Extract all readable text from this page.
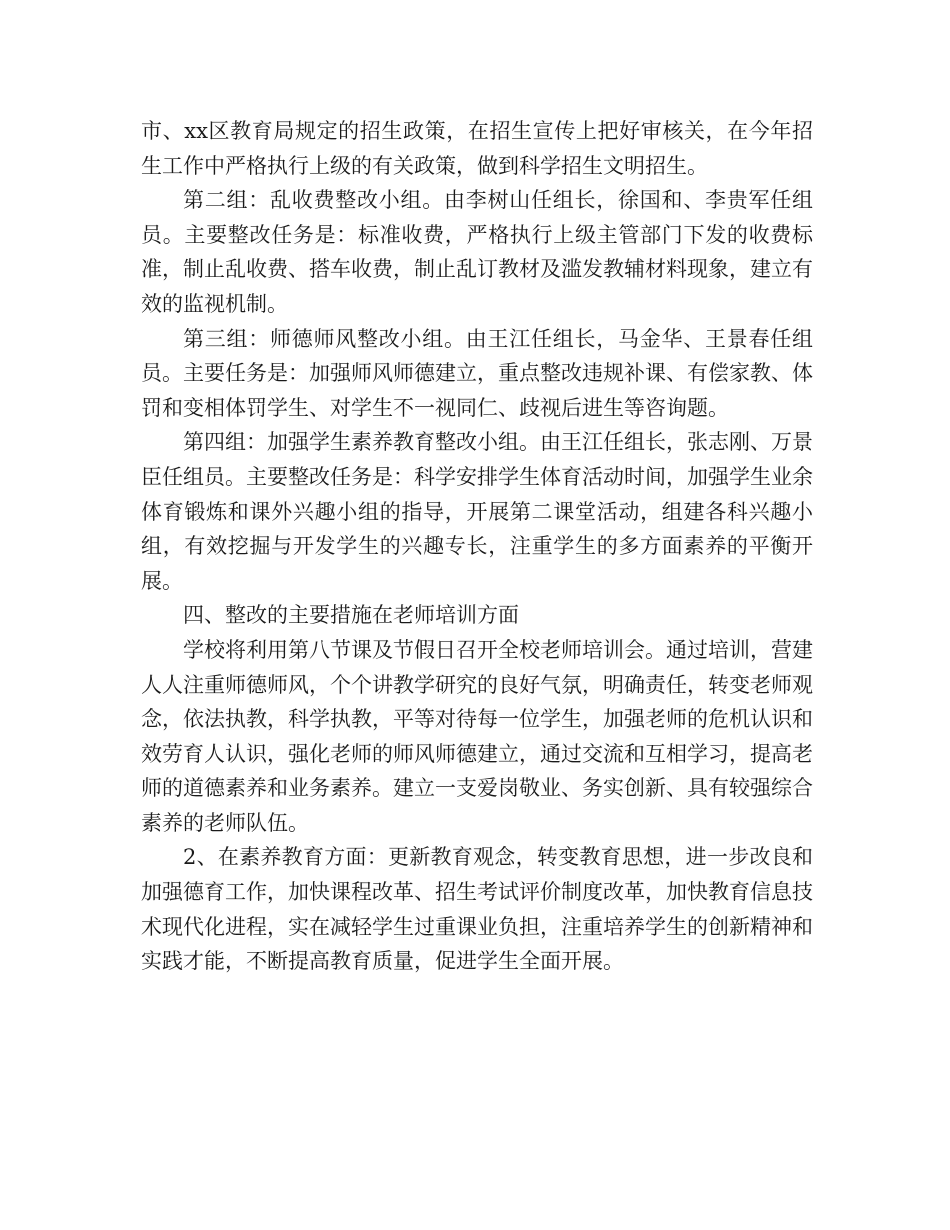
市、xx区教育局规定的招生政策，在招生宣传上把好审核关，在今年招生工作中严格执行上级的有关政策，做到科学招生文明招生。

第二组：乱收费整改小组。由李树山任组长，徐国和、李贵军任组员。主要整改任务是：标准收费，严格执行上级主管部门下发的收费标准，制止乱收费、搭车收费，制止乱订教材及滥发教辅材料现象，建立有效的监视机制。

第三组：师德师风整改小组。由王江任组长，马金华、王景春任组员。主要任务是：加强师风师德建立，重点整改违规补课、有偿家教、体罚和变相体罚学生、对学生不一视同仁、歧视后进生等咨询题。

第四组：加强学生素养教育整改小组。由王江任组长，张志刚、万景臣任组员。主要整改任务是：科学安排学生体育活动时间，加强学生业余体育锻炼和课外兴趣小组的指导，开展第二课堂活动，组建各科兴趣小组，有效挖掘与开发学生的兴趣专长，注重学生的多方面素养的平衡开展。

四、整改的主要措施在老师培训方面

学校将利用第八节课及节假日召开全校老师培训会。通过培训，营建人人注重师德师风，个个讲教学研究的良好气氛，明确责任，转变老师观念，依法执教，科学执教，平等对待每一位学生，加强老师的危机认识和效劳育人认识，强化老师的师风师德建立，通过交流和互相学习，提高老师的道德素养和业务素养。建立一支爱岗敬业、务实创新、具有较强综合素养的老师队伍。

2、在素养教育方面：更新教育观念，转变教育思想，进一步改良和加强德育工作，加快课程改革、招生考试评价制度改革，加快教育信息技术现代化进程，实在减轻学生过重课业负担，注重培养学生的创新精神和实践才能，不断提高教育质量，促进学生全面开展。
